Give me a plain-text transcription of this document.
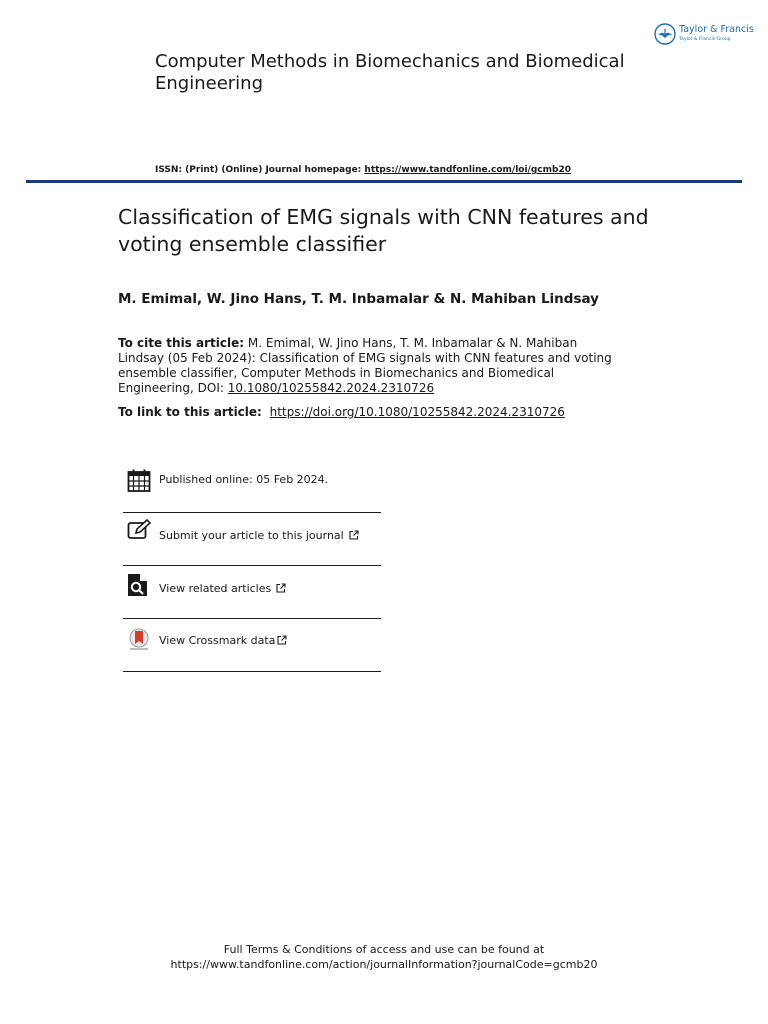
Taylor & Francis
Taylor & Francis Group
Computer Methods in Biomechanics and Biomedical Engineering
ISSN: (Print) (Online) Journal homepage: https://www.tandfonline.com/loi/gcmb20
Classification of EMG signals with CNN features and voting ensemble classifier
M. Emimal, W. Jino Hans, T. M. Inbamalar & N. Mahiban Lindsay
To cite this article: M. Emimal, W. Jino Hans, T. M. Inbamalar & N. Mahiban Lindsay (05 Feb 2024): Classification of EMG signals with CNN features and voting ensemble classifier, Computer Methods in Biomechanics and Biomedical Engineering, DOI: 10.1080/10255842.2024.2310726
To link to this article: https://doi.org/10.1080/10255842.2024.2310726
Published online: 05 Feb 2024.
Submit your article to this journal
View related articles
View Crossmark data
Full Terms & Conditions of access and use can be found at
https://www.tandfonline.com/action/journalInformation?journalCode=gcmb20
